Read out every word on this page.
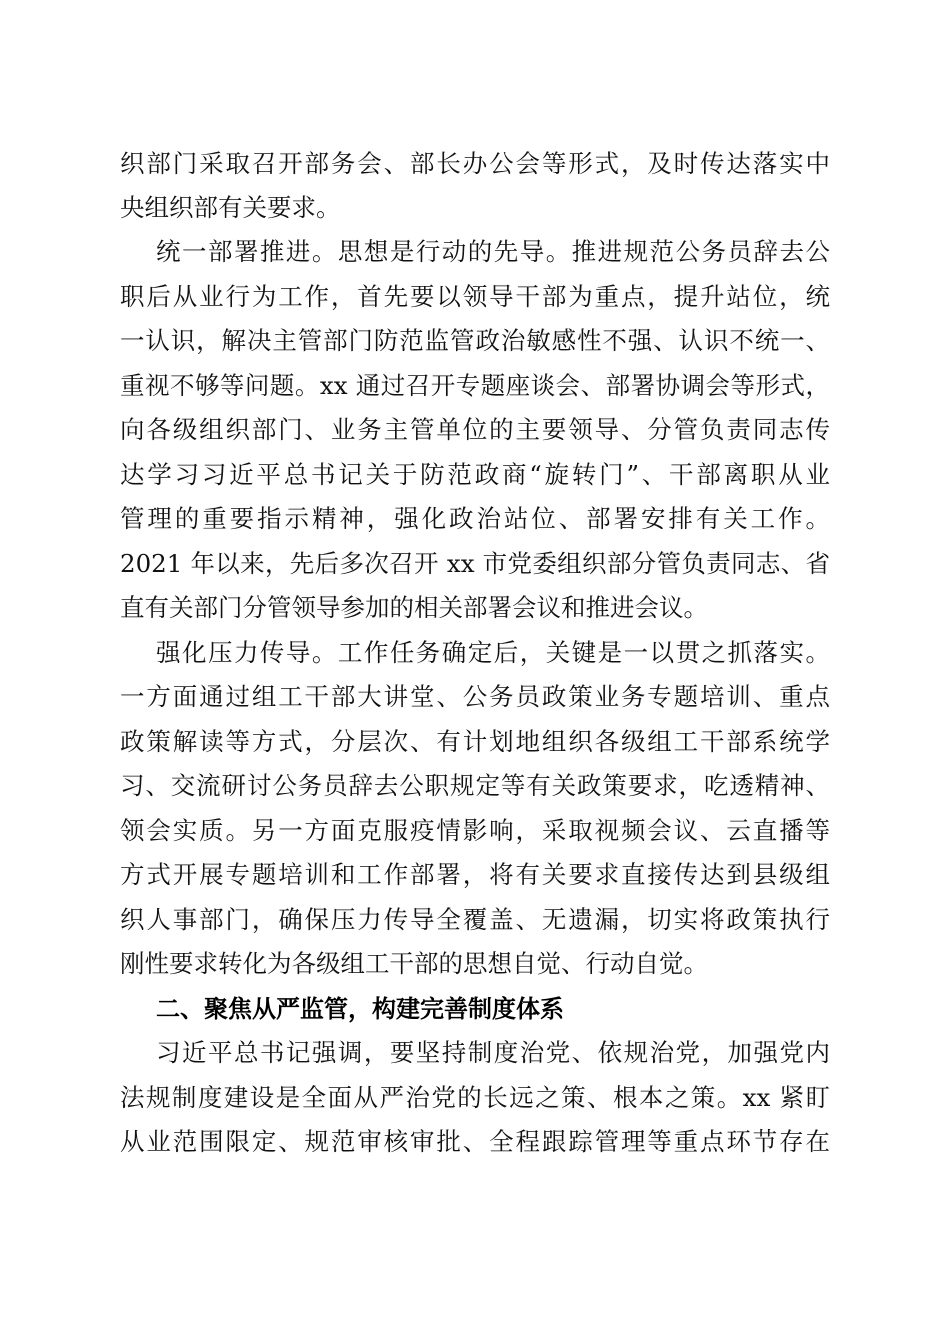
织部门采取召开部务会、部长办公会等形式，及时传达落实中
央组织部有关要求。
统一部署推进。思想是行动的先导。推进规范公务员辞去公
职后从业行为工作，首先要以领导干部为重点，提升站位，统
一认识，解决主管部门防范监管政治敏感性不强、认识不统一、
重视不够等问题。xx 通过召开专题座谈会、部署协调会等形式，
向各级组织部门、业务主管单位的主要领导、分管负责同志传
达学习习近平总书记关于防范政商“旋转门”、干部离职从业
管理的重要指示精神，强化政治站位、部署安排有关工作。
2021 年以来，先后多次召开 xx 市党委组织部分管负责同志、省
直有关部门分管领导参加的相关部署会议和推进会议。
强化压力传导。工作任务确定后，关键是一以贯之抓落实。
一方面通过组工干部大讲堂、公务员政策业务专题培训、重点
政策解读等方式，分层次、有计划地组织各级组工干部系统学
习、交流研讨公务员辞去公职规定等有关政策要求，吃透精神、
领会实质。另一方面克服疫情影响，采取视频会议、云直播等
方式开展专题培训和工作部署，将有关要求直接传达到县级组
织人事部门，确保压力传导全覆盖、无遗漏，切实将政策执行
刚性要求转化为各级组工干部的思想自觉、行动自觉。
二、聚焦从严监管，构建完善制度体系
习近平总书记强调，要坚持制度治党、依规治党，加强党内
法规制度建设是全面从严治党的长远之策、根本之策。xx 紧盯
从业范围限定、规范审核审批、全程跟踪管理等重点环节存在
